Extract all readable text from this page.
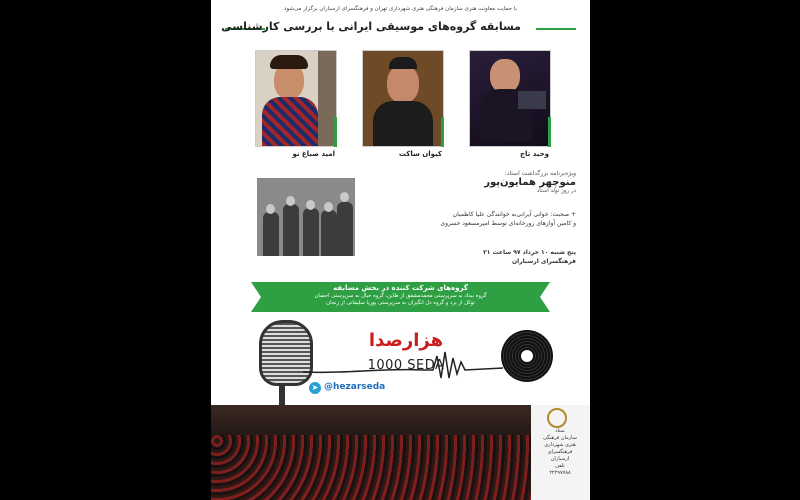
با حمایت معاونت هنری سازمان فرهنگی هنری شهرداری تهران و فرهنگسرای ارسباران برگزار می‌شود
مسابقه گروه‌های موسیقی ایرانی با بررسی کارشناسی
وحید تاج
کیوان ساکت
امید صباغ نو
ویژه‌برنامه بزرگداشت استاد:
منوچهر همایون‌پور
در روز تولد استاد
+ صحبت: خوانی آیرانی‌به خوانندگی علیا کاظمیان
و کامین آوازهای زورخانه‌ای توسط امیرمسعود خسروی
پنج شنبه ۱۰ خرداد ۹۷ ساعت ۲۱
فرهنگسرای ارسباران
گروه‌های شرکت کننده در بخش مسابقه
گروه بیداد به سرپرستی محمدمشفق از طاین، گروه خیال به سرپرستی احسان
توکل از یزد و گروه دل انگیزان به سرپرستی پوریا سلیمانی از زنجان
هزارصدا
1000 SEDA
➤ @hezarseda
ستاد
سازمان فرهنگی
هنری شهرداری
فرهنگسرای
ارسباران
تلفن
۲۲۲۹۷۷۸۸
